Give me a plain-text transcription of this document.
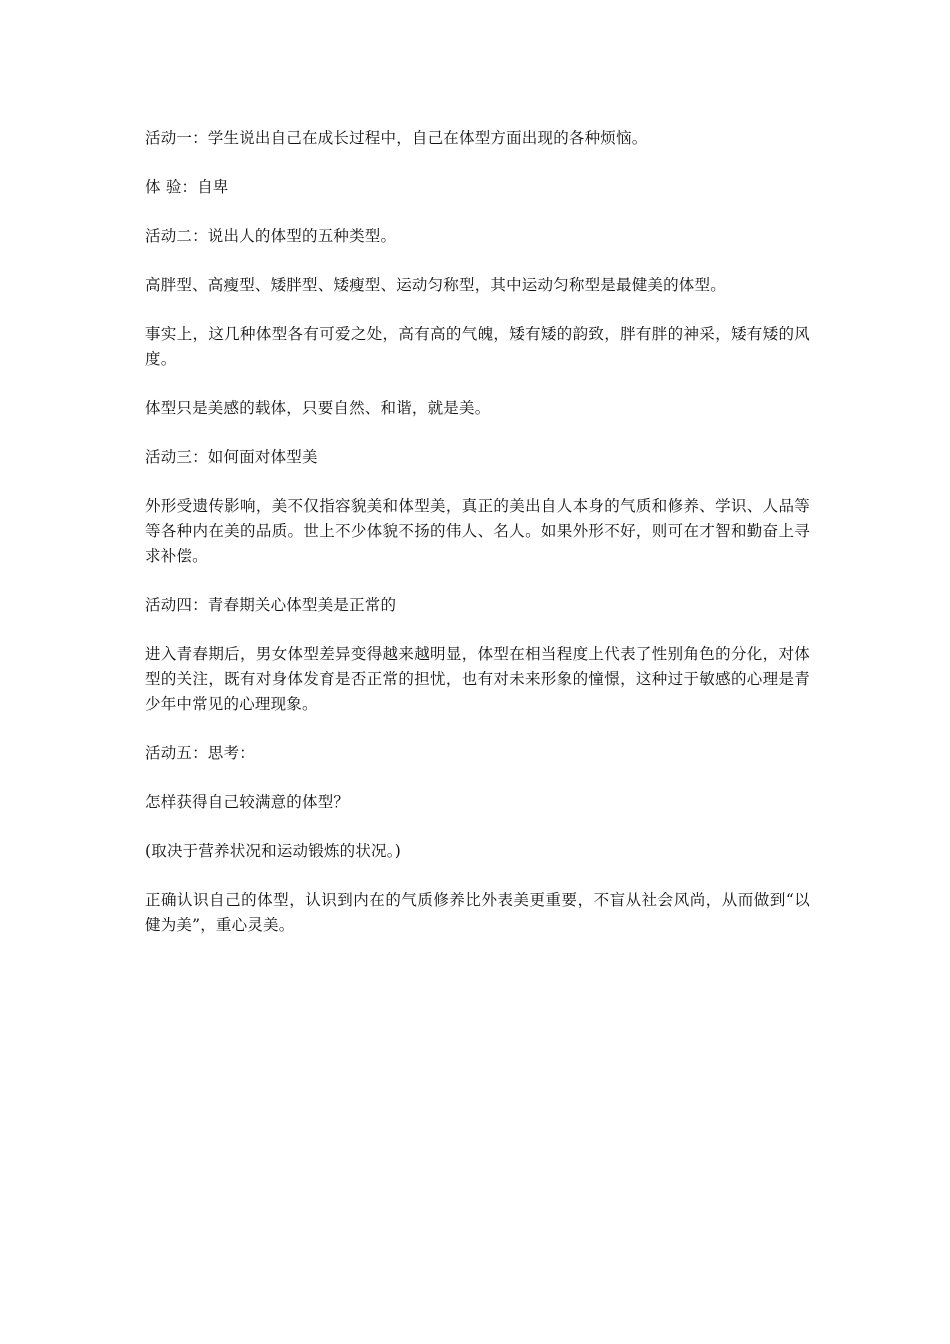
活动一：学生说出自己在成长过程中，自己在体型方面出现的各种烦恼。

体 验：自卑

活动二：说出人的体型的五种类型。

高胖型、高瘦型、矮胖型、矮瘦型、运动匀称型，其中运动匀称型是最健美的体型。

事实上，这几种体型各有可爱之处，高有高的气魄，矮有矮的韵致，胖有胖的神采，矮有矮的风度。

体型只是美感的载体，只要自然、和谐，就是美。

活动三：如何面对体型美

外形受遗传影响，美不仅指容貌美和体型美，真正的美出自人本身的气质和修养、学识、人品等等各种内在美的品质。世上不少体貌不扬的伟人、名人。如果外形不好，则可在才智和勤奋上寻求补偿。

活动四：青春期关心体型美是正常的

进入青春期后，男女体型差异变得越来越明显，体型在相当程度上代表了性别角色的分化，对体型的关注，既有对身体发育是否正常的担忧，也有对未来形象的憧憬，这种过于敏感的心理是青少年中常见的心理现象。

活动五：思考：

怎样获得自己较满意的体型？

(取决于营养状况和运动锻炼的状况。)

正确认识自己的体型，认识到内在的气质修养比外表美更重要，不盲从社会风尚，从而做到“以健为美”，重心灵美。
